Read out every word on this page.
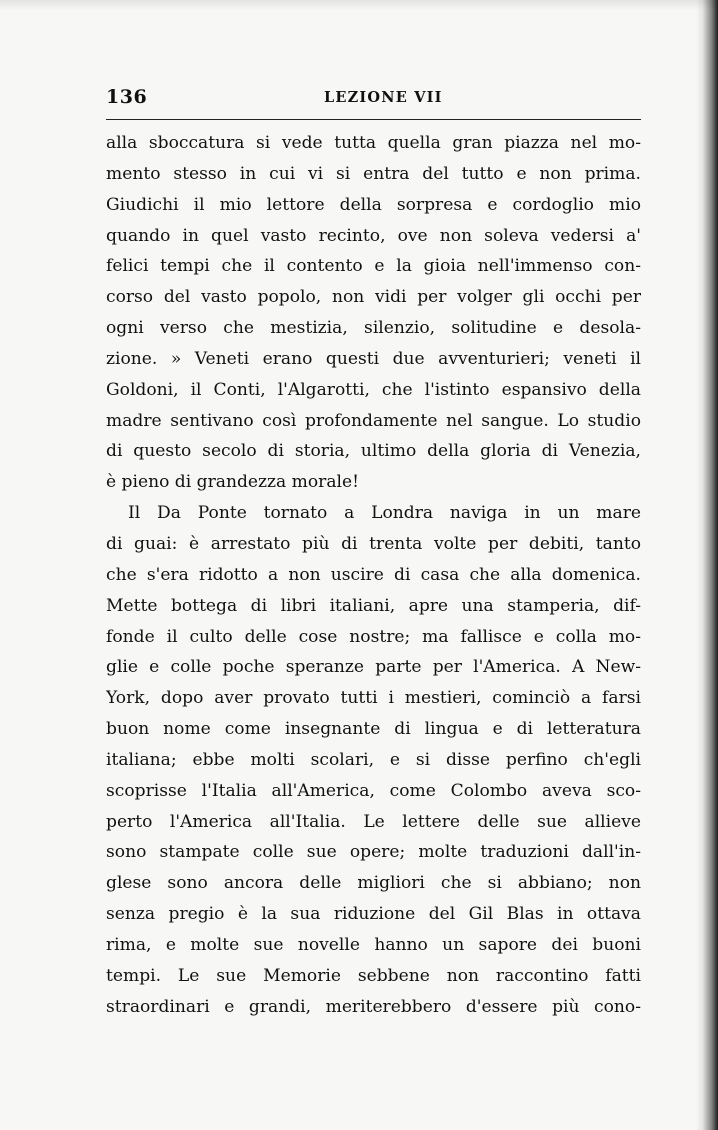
136	LEZIONE VII
alla sboccatura si vede tutta quella gran piazza nel mo-
mento stesso in cui vi si entra del tutto e non prima.
Giudichi il mio lettore della sorpresa e cordoglio mio
quando in quel vasto recinto, ove non soleva vedersi a'
felici tempi che il contento e la gioia nell'immenso con-
corso del vasto popolo, non vidi per volger gli occhi per
ogni verso che mestizia, silenzio, solitudine e desola-
zione. » Veneti erano questi due avventurieri; veneti il
Goldoni, il Conti, l'Algarotti, che l'istinto espansivo della
madre sentivano così profondamente nel sangue. Lo studio
di questo secolo di storia, ultimo della gloria di Venezia,
è pieno di grandezza morale!
Il Da Ponte tornato a Londra naviga in un mare
di guai: è arrestato più di trenta volte per debiti, tanto
che s'era ridotto a non uscire di casa che alla domenica.
Mette bottega di libri italiani, apre una stamperia, dif-
fonde il culto delle cose nostre; ma fallisce e colla mo-
glie e colle poche speranze parte per l'America. A New-
York, dopo aver provato tutti i mestieri, cominciò a farsi
buon nome come insegnante di lingua e di letteratura
italiana; ebbe molti scolari, e si disse perfino ch'egli
scoprisse l'Italia all'America, come Colombo aveva sco-
perto l'America all'Italia. Le lettere delle sue allieve
sono stampate colle sue opere; molte traduzioni dall'in-
glese sono ancora delle migliori che si abbiano; non
senza pregio è la sua riduzione del Gil Blas in ottava
rima, e molte sue novelle hanno un sapore dei buoni
tempi. Le sue Memorie sebbene non raccontino fatti
straordinari e grandi, meriterebbero d'essere più cono-
